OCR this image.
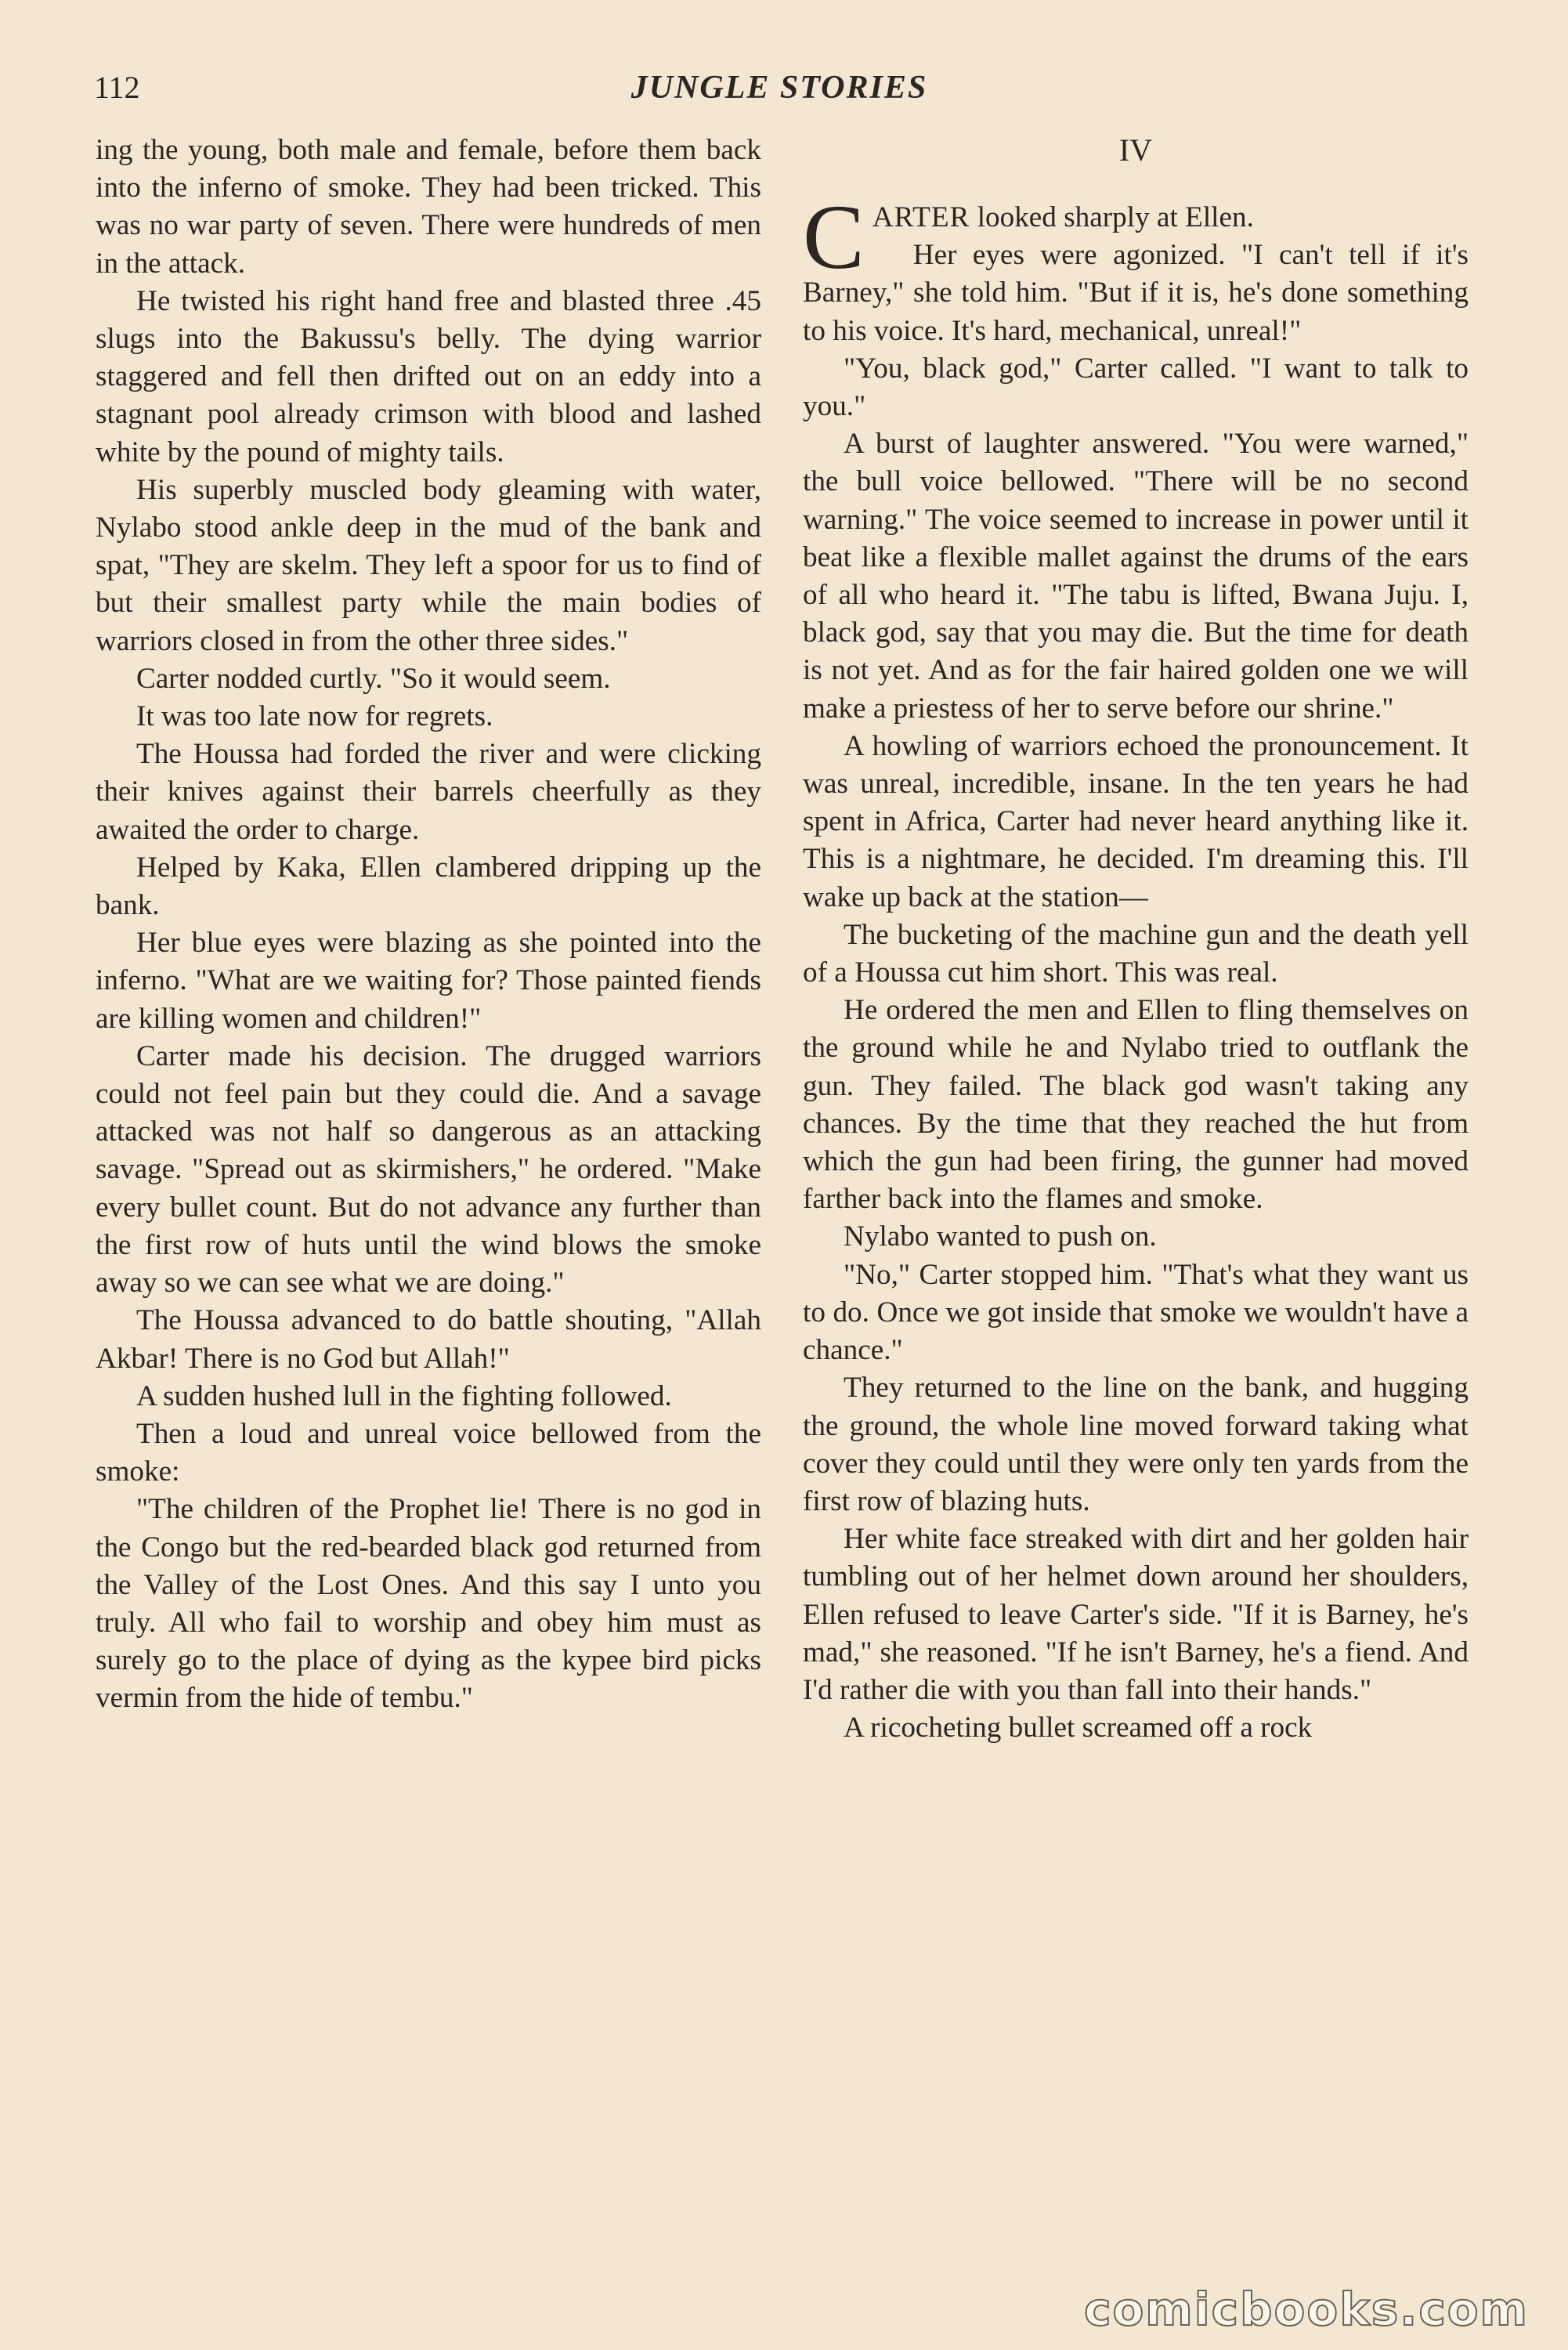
112	JUNGLE STORIES

ing the young, both male and female, before them back into the inferno of smoke. They had been tricked. This was no war party of seven. There were hundreds of men in the attack.

He twisted his right hand free and blasted three .45 slugs into the Bakussu's belly. The dying warrior staggered and fell then drifted out on an eddy into a stagnant pool already crimson with blood and lashed white by the pound of mighty tails.

His superbly muscled body gleaming with water, Nylabo stood ankle deep in the mud of the bank and spat, "They are skelm. They left a spoor for us to find of but their smallest party while the main bodies of warriors closed in from the other three sides."

Carter nodded curtly. "So it would seem.

It was too late now for regrets.

The Houssa had forded the river and were clicking their knives against their barrels cheerfully as they awaited the order to charge.

Helped by Kaka, Ellen clambered dripping up the bank.

Her blue eyes were blazing as she pointed into the inferno. "What are we waiting for? Those painted fiends are killing women and children!"

Carter made his decision. The drugged warriors could not feel pain but they could die. And a savage attacked was not half so dangerous as an attacking savage. "Spread out as skirmishers," he ordered. "Make every bullet count. But do not advance any further than the first row of huts until the wind blows the smoke away so we can see what we are doing."

The Houssa advanced to do battle shouting, "Allah Akbar! There is no God but Allah!"

A sudden hushed lull in the fighting followed.

Then a loud and unreal voice bellowed from the smoke:

"The children of the Prophet lie! There is no god in the Congo but the red-bearded black god returned from the Valley of the Lost Ones. And this say I unto you truly. All who fail to worship and obey him must as surely go to the place of dying as the kypee bird picks vermin from the hide of tembu."

IV

CARTER looked sharply at Ellen.

Her eyes were agonized. "I can't tell if it's Barney," she told him. "But if it is, he's done something to his voice. It's hard, mechanical, unreal!"

"You, black god," Carter called. "I want to talk to you."

A burst of laughter answered. "You were warned," the bull voice bellowed. "There will be no second warning." The voice seemed to increase in power until it beat like a flexible mallet against the drums of the ears of all who heard it. "The tabu is lifted, Bwana Juju. I, black god, say that you may die. But the time for death is not yet. And as for the fair haired golden one we will make a priestess of her to serve before our shrine."

A howling of warriors echoed the pronouncement. It was unreal, incredible, insane. In the ten years he had spent in Africa, Carter had never heard anything like it. This is a nightmare, he decided. I'm dreaming this. I'll wake up back at the station—

The bucketing of the machine gun and the death yell of a Houssa cut him short. This was real.

He ordered the men and Ellen to fling themselves on the ground while he and Nylabo tried to outflank the gun. They failed. The black god wasn't taking any chances. By the time that they reached the hut from which the gun had been firing, the gunner had moved farther back into the flames and smoke.

Nylabo wanted to push on.

"No," Carter stopped him. "That's what they want us to do. Once we got inside that smoke we wouldn't have a chance."

They returned to the line on the bank, and hugging the ground, the whole line moved forward taking what cover they could until they were only ten yards from the first row of blazing huts.

Her white face streaked with dirt and her golden hair tumbling out of her helmet down around her shoulders, Ellen refused to leave Carter's side. "If it is Barney, he's mad," she reasoned. "If he isn't Barney, he's a fiend. And I'd rather die with you than fall into their hands."

A ricocheting bullet screamed off a rock

comicbooks.com
